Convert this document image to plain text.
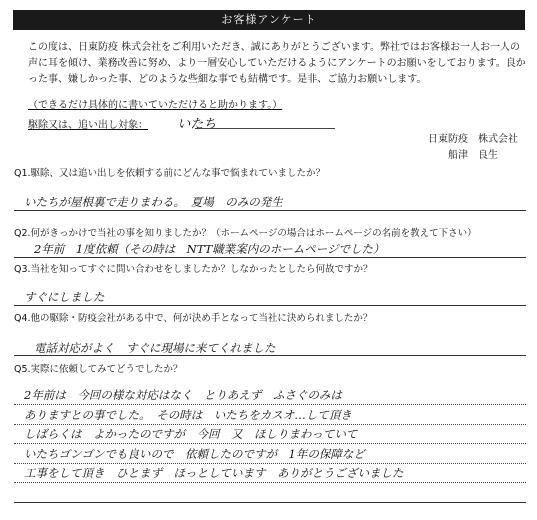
お客様アンケート
この度は、日東防疫 株式会社をご利用いただき、誠にありがとうございます。弊社ではお客様お一人お一人の
声に耳を傾け、業務改善に努め、より一層安心していただけるようにアンケートのお願いをしております。良か
った事、嫌しかった事、どのような些細な事でも結構です。是非、ご協力お願いします。
（できるだけ具体的に書いていただけると助かります。）
駆除又は、追い出し対象： いたち
日東防疫　株式会社
船津　良生
Q1.駆除、又は追い出しを依頼する前にどんな事で悩まれていましたか？
いたちが屋根裏で走りまわる。　夏場　のみの発生
Q2.何がきっかけで当社の事を知りましたか？（ホームページの場合はホームページの名前を教えて下さい）
2年前　1度依頼（その時は　NTT職業案内のホームページでした）
Q3.当社を知ってすぐに問い合わせをしましたか？しなかったとしたら何故ですか？
すぐにしました
Q4.他の駆除・防疫会社がある中で、何が決め手となって当社に決められましたか？
電話対応がよく　すぐに現場に来てくれました
Q5.実際に依頼してみてどうでしたか？
2年前は　今回の様な対応はなく　とりあえず　ふさぐのみは
ありますとの事でした。　その時は　いたちをカスオ…して頂き
しばらくは　よかったのですが　今回　又　ほしりまわっていて
いたちゴンゴンでも良いので　依頼したのですが　1年の保障など
工事をして頂き　ひとまず　ほっとしています　ありがとうございました
